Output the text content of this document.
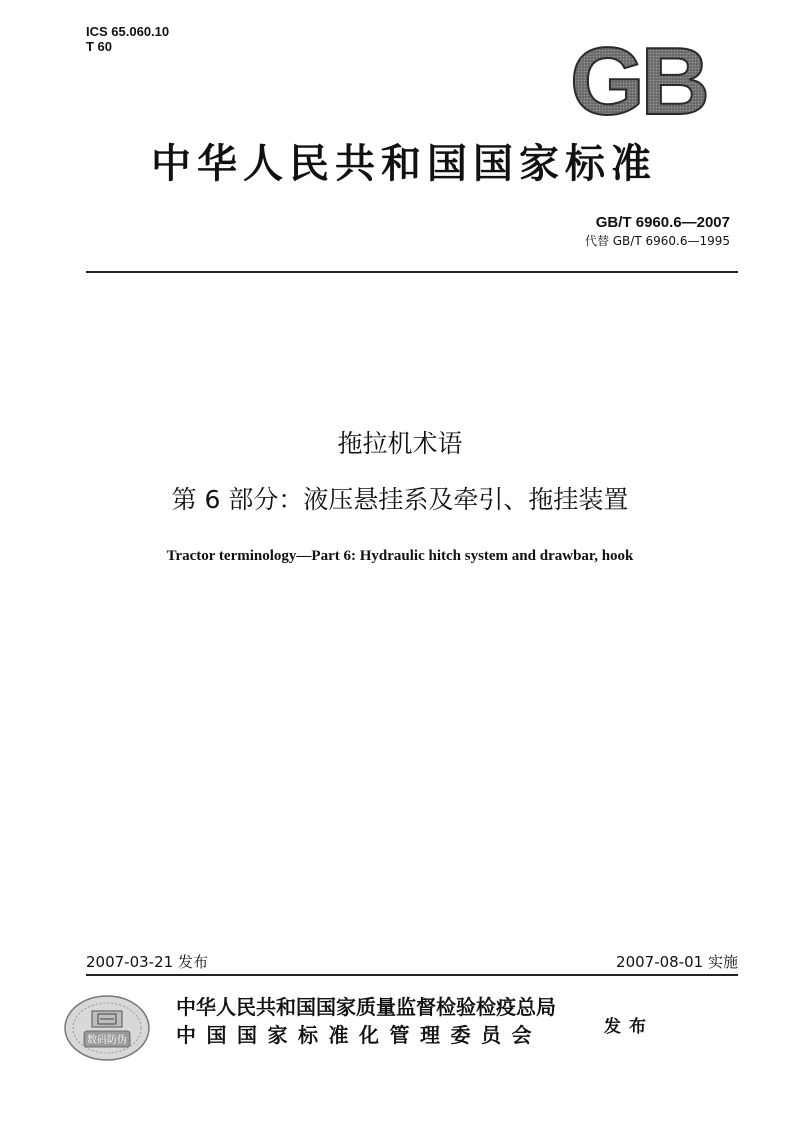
ICS 65.060.10
T 60	GB
中华人民共和国国家标准
GB/T 6960.6—2007
代替 GB/T 6960.6—1995
拖拉机术语
第 6 部分：液压悬挂系及牵引、拖挂装置
Tractor terminology—Part 6: Hydraulic hitch system and drawbar, hook
2007-03-21 发布	2007-08-01 实施
数码防伪
中华人民共和国国家质量监督检验检疫总局
中国国家标准化管理委员会	发布
